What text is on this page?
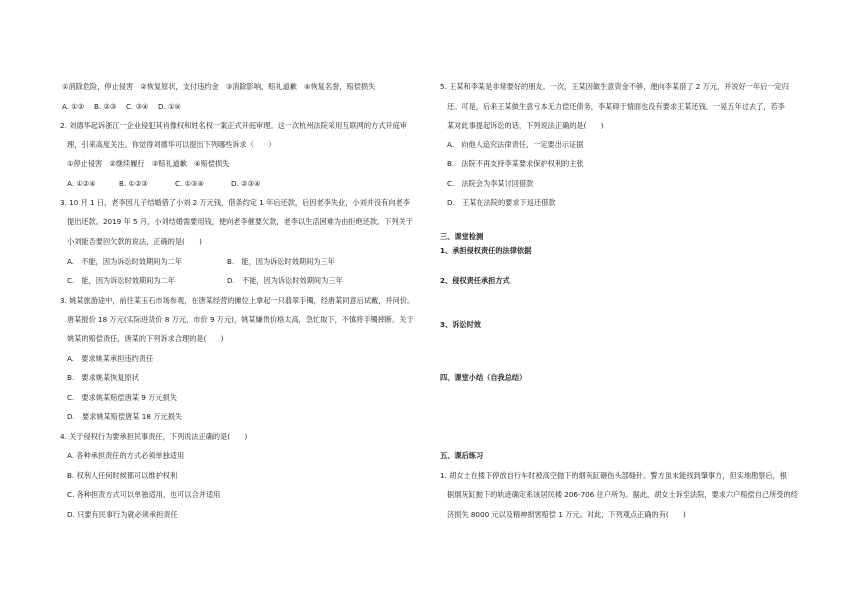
①消除危险，停止侵害　②恢复原状，支付违约金　③消除影响，赔礼道歉　④恢复名誉，赔偿损失
A. ①② B. ②③ C. ③④ D. ①④
2. 刘德华起诉浙江一企业侵犯其肖像权和姓名权一案正式开庭审理。这一次杭州法院采用互联网的方式开庭审
理，引来高度关注。你觉得刘德华可以提出下列哪些诉求（　　）
①停止侵害　②继续履行　③赔礼道歉　④赔偿损失
A. ①②④	B. ①②③	C. ①③④	D. ②③④
3. 10 月 1 日，老李因儿子结婚借了小刘 2 万元钱，借条约定 1 年后还款，后因老李失业，小刘并没有向老李
提出还款。2019 年 5 月，小刘结婚需要用钱，便向老李催要欠款，老李以生活困难为由拒绝还款。下列关于
小刘能否要回欠款的说法，正确的是(　　)
A.　不能，因为诉讼时效期间为二年	B.　能，因为诉讼时效期间为三年
C.　能，因为诉讼时效期间为二年	D.　不能，因为诉讼时效期间为三年
3. 姚某旅游途中，前往某玉石市场参观，在唐某经营的摊位上拿起一只翡翠手镯，经唐某同意后试戴，并问价。
唐某报价 18 万元(实际进货价 8 万元，市价 9 万元)，姚某嫌贵价格太高，急忙取下，不慎将手镯摔断。关于
姚某的赔偿责任，唐某的下列诉求合理的是(　　)
A.　要求姚某承担违约责任
B.　要求姚某恢复原状
C.　要求姚某赔偿唐某 9 万元损失
D.　要求姚某赔偿唐某 18 万元损失
4. 关于侵权行为要承担民事责任，下列说法正确的是(　　)
A. 各种承担责任的方式必须单独适用
B. 权利人任何时候都可以维护权利
C. 各种担责方式可以单独适用，也可以合并适用
D. 只要有民事行为就必须承担责任
5. 王某和李某是非常要好的朋友。一次，王某因做生意资金不够，便向李某借了 2 万元，并说好一年后一定归
还。可是，后来王某做生意亏本无力偿还债务，李某碍于情面也没有要求王某还钱。一晃五年过去了，若李
某对此事提起诉讼的话，下列说法正确的是(　　)
A.　向他人追究法律责任，一定要出示证据
B.　法院不再支持李某要求保护权利的主张
C.　法院会为李某讨回借款
D.　王某在法院的要求下返还借款
三、课堂检测
1、承担侵权责任的法律依据
2、侵权责任承担方式
3、诉讼时效
四、课堂小结（自我总结）
五、课后练习
1. 胡女士在楼下停放自行车时被高空抛下的烟灰缸砸伤头部缝针。警方虽未能找到肇事方，但实地勘察后，根
据烟灰缸抛下的轨迹确定系该居民楼 206-706 住户所为。据此，胡女士诉至法院，要求六户赔偿自己所受的经
济损失 8000 元以及精神损害赔偿 1 万元。对此，下列观点正确的有(　　)
